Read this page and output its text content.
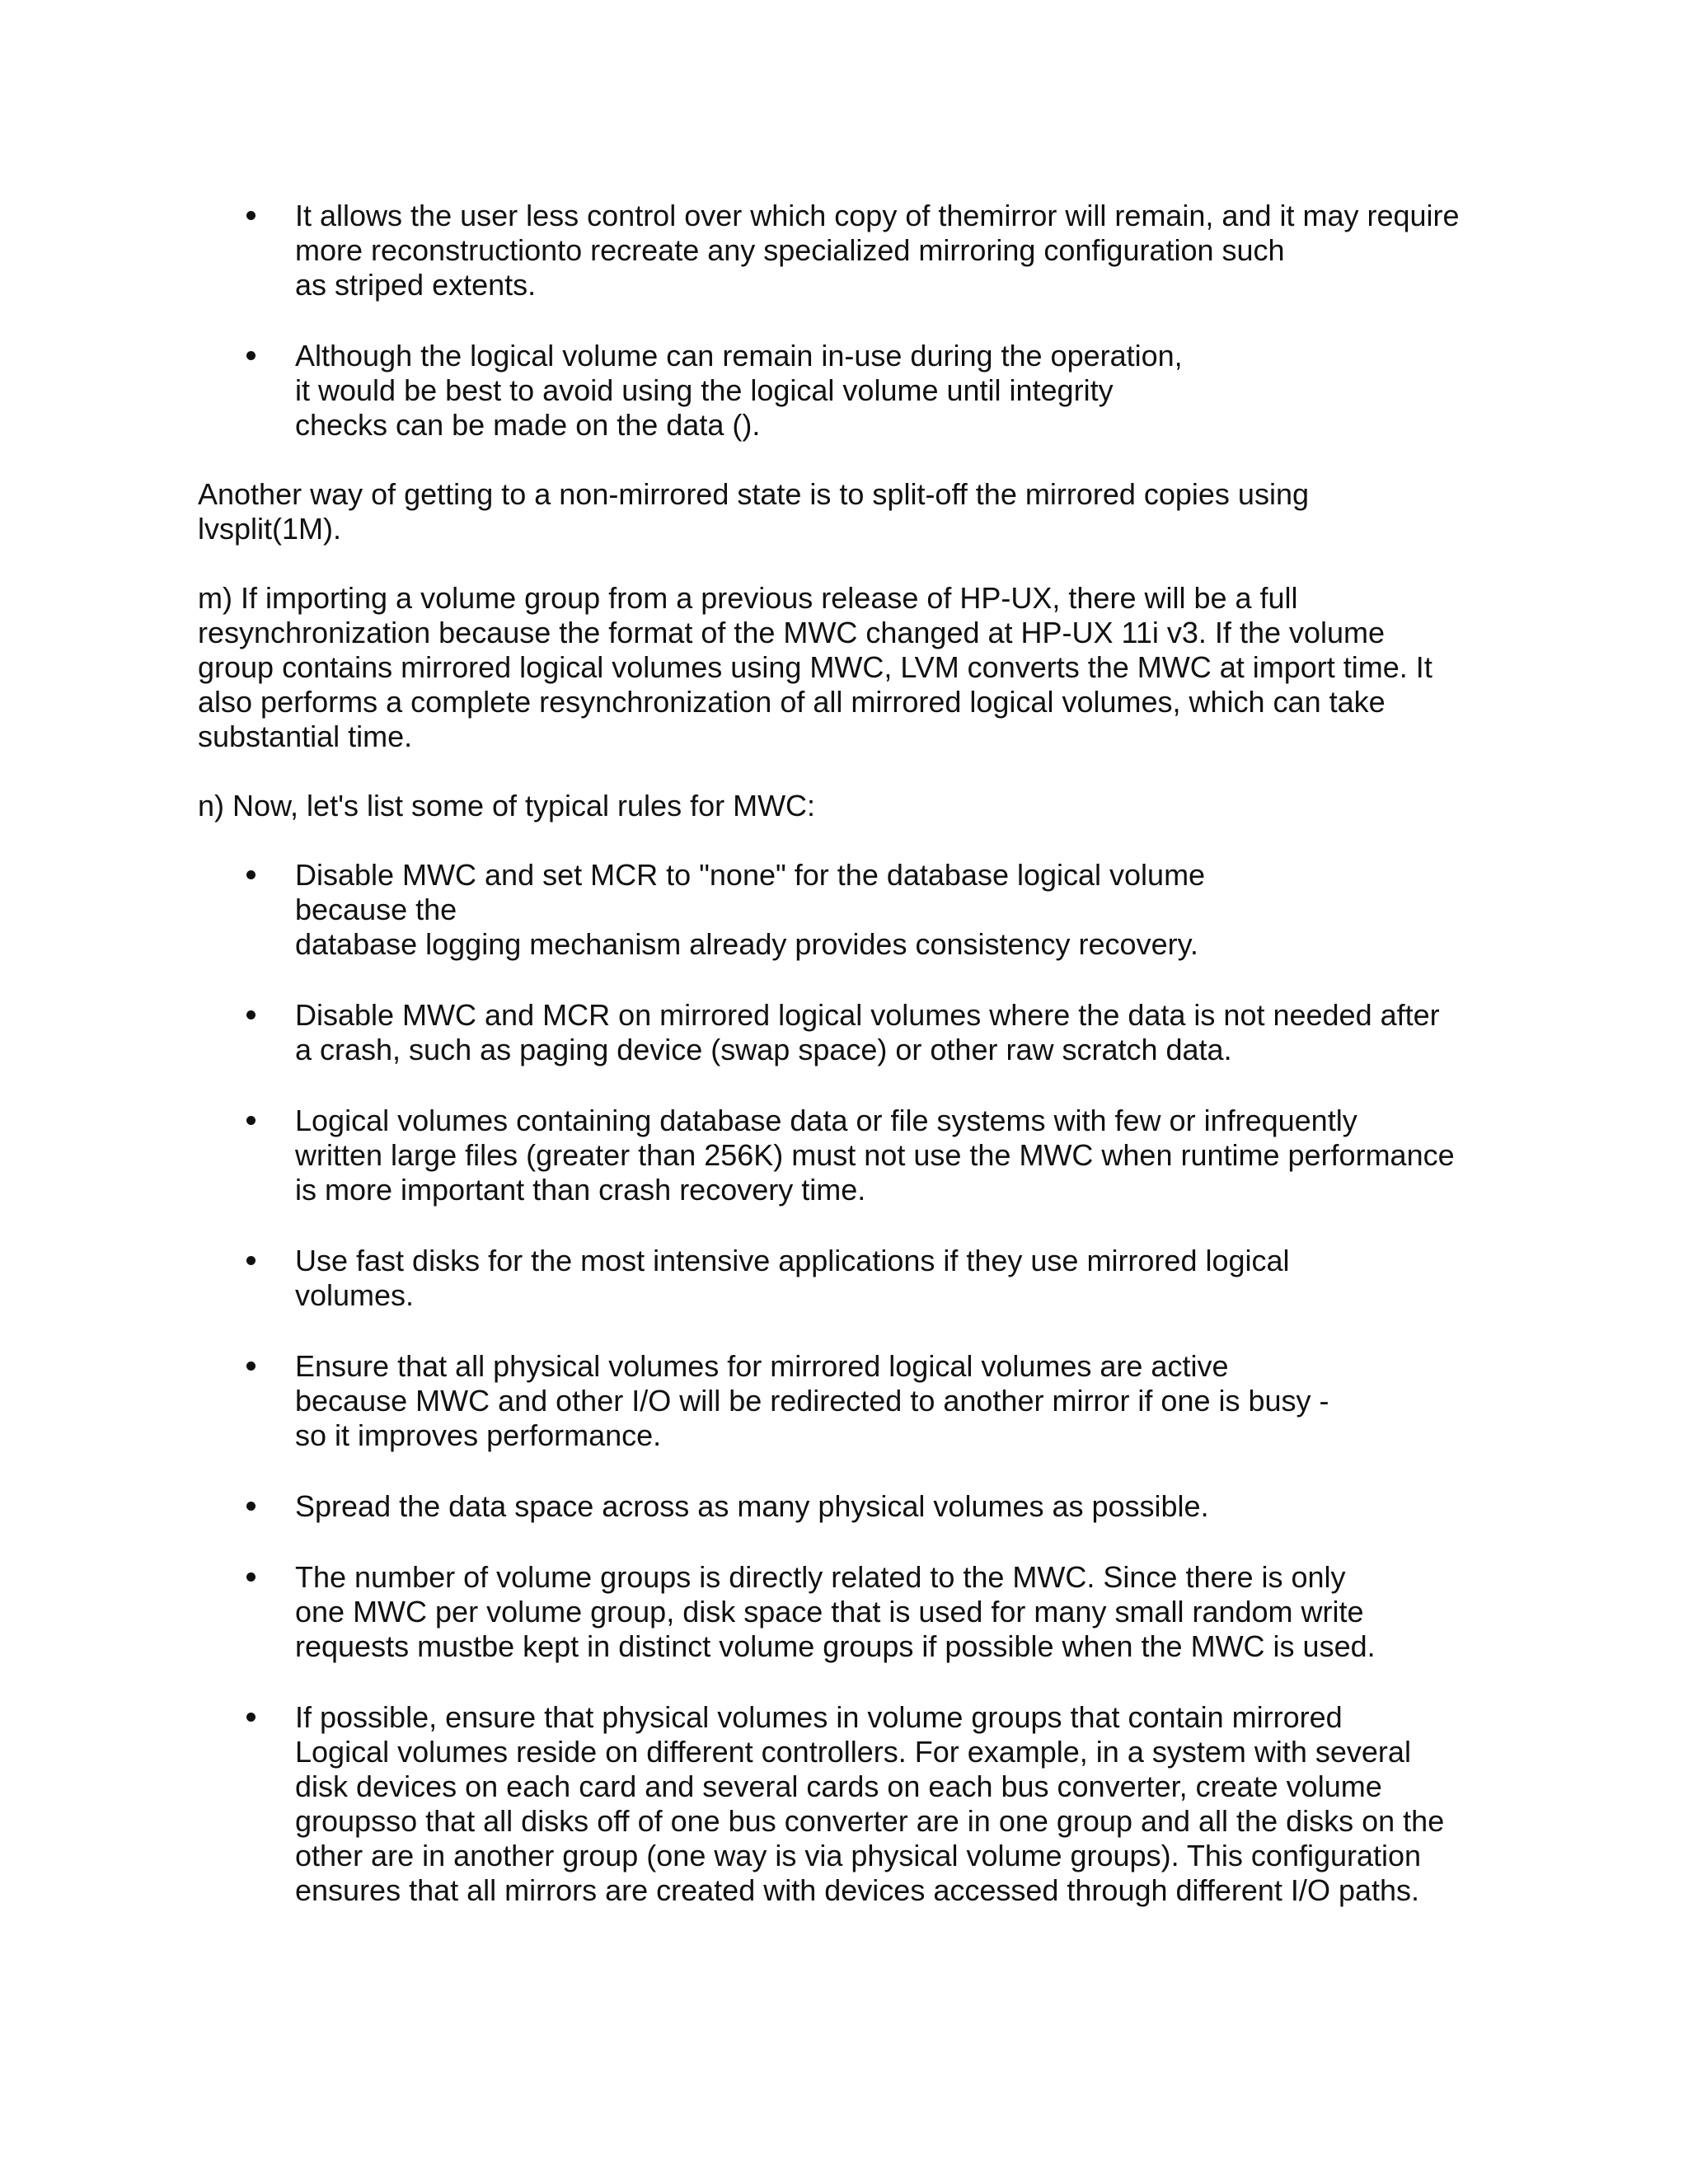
It allows the user less control over which copy of themirror will remain, and it may require
more reconstructionto recreate any specialized mirroring configuration such
as striped extents.
Although the logical volume can remain in-use during the operation,
it would be best to avoid using the logical volume until integrity
checks can be made on the data ().

Another way of getting to a non-mirrored state is to split-off the mirrored copies using
lvsplit(1M).

m) If importing a volume group from a previous release of HP-UX, there will be a full
resynchronization because the format of the MWC changed at HP-UX 11i v3. If the volume
group contains mirrored logical volumes using MWC, LVM converts the MWC at import time. It
also performs a complete resynchronization of all mirrored logical volumes, which can take
substantial time.

n) Now, let's list some of typical rules for MWC:

Disable MWC and set MCR to "none" for the database logical volume
because the
database logging mechanism already provides consistency recovery.
Disable MWC and MCR on mirrored logical volumes where the data is not needed after
a crash, such as paging device (swap space) or other raw scratch data.
Logical volumes containing database data or file systems with few or infrequently
written large files (greater than 256K) must not use the MWC when runtime performance
is more important than crash recovery time.
Use fast disks for the most intensive applications if they use mirrored logical
volumes.
Ensure that all physical volumes for mirrored logical volumes are active
because MWC and other I/O will be redirected to another mirror if one is busy -
so it improves performance.
Spread the data space across as many physical volumes as possible.
The number of volume groups is directly related to the MWC. Since there is only
one MWC per volume group, disk space that is used for many small random write
requests mustbe kept in distinct volume groups if possible when the MWC is used.
If possible, ensure that physical volumes in volume groups that contain mirrored
Logical volumes reside on different controllers. For example, in a system with several
disk devices on each card and several cards on each bus converter, create volume
groupsso that all disks off of one bus converter are in one group and all the disks on the
other are in another group (one way is via physical volume groups). This configuration
ensures that all mirrors are created with devices accessed through different I/O paths.
